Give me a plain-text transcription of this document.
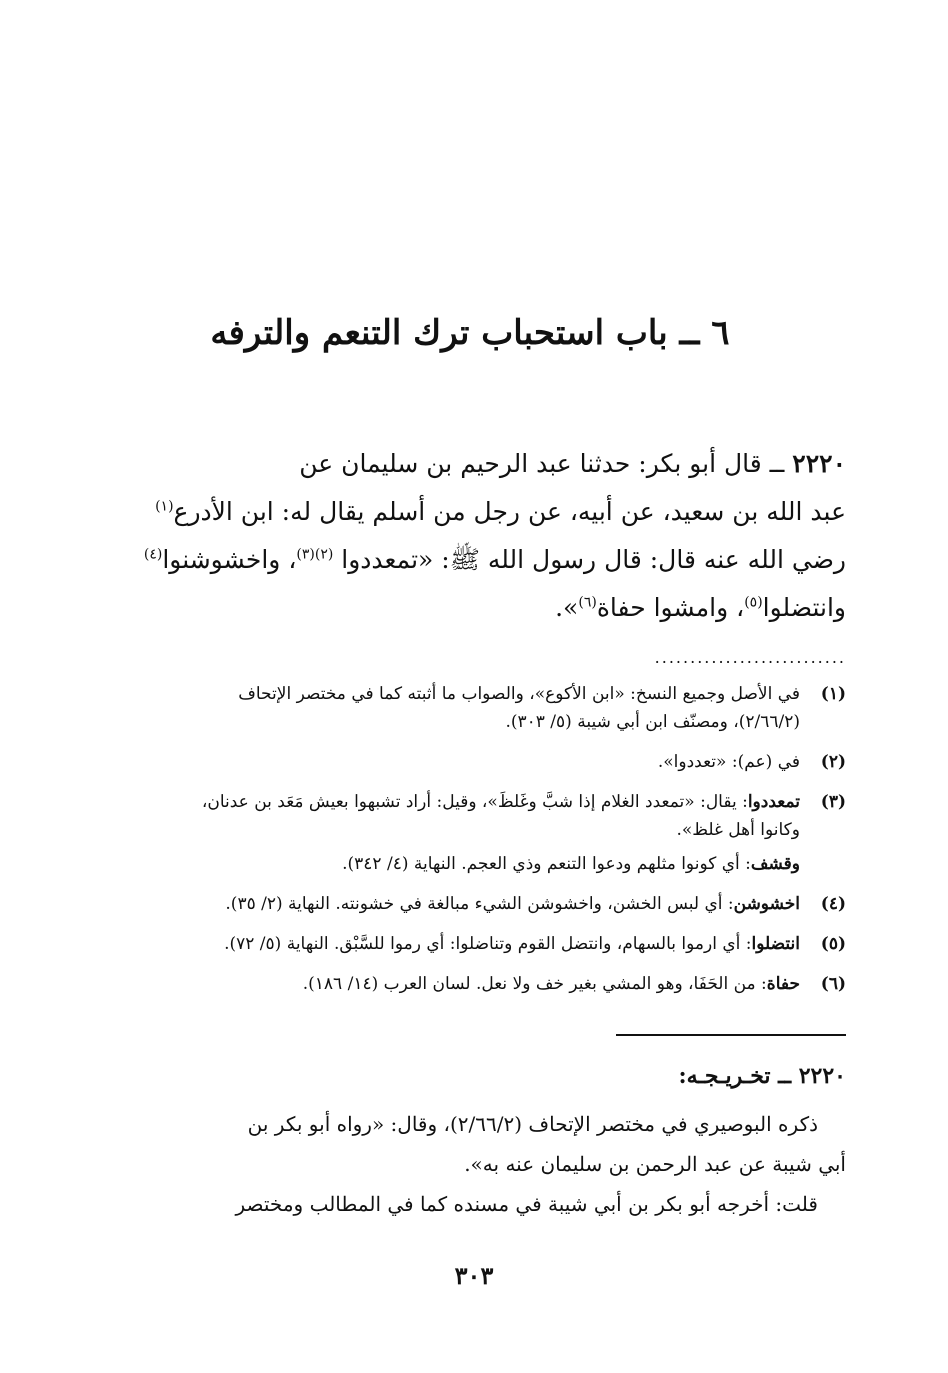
٦ ــ باب استحباب ترك التنعم والترفه
٢٢٢٠ ــ قال أبو بكر: حدثنا عبد الرحيم بن سليمان عن
عبد الله بن سعيد، عن أبيه، عن رجل من أسلم يقال له: ابن الأدرع$^{(١)}$
رضي الله عنه قال: قال رسول الله ﷺ: «تمعددوا $^{(٢)(٣)}$، واخشوشنوا$^{(٤)}$
وانتضلوا$^{(٥)}$، وامشوا حفاة$^{(٦)}$».
...........................
(١)
في الأصل وجميع النسخ: «ابن الأكوع»، والصواب ما أثبته كما في مختصر الإتحاف
(٢/٦٦/٢)، ومصنّف ابن أبي شيبة (٥/ ٣٠٣).
(٢)
في (عم): «تعددوا».
(٣)
تمعددوا: يقال: «تمعدد الغلام إذا شبَّ وغَلظَ»، وقيل: أراد تشبهوا بعيش مَعَد بن عدنان،
وكانوا أهل غلظ».
وقشف: أي كونوا مثلهم ودعوا التنعم وذي العجم. النهاية (٤/ ٣٤٢).
(٤)
اخشوشن: أي لبس الخشن، واخشوشن الشيء مبالغة في خشونته. النهاية (٢/ ٣٥).
(٥)
انتضلوا: أي ارموا بالسهام، وانتضل القوم وتناضلوا: أي رموا للسَّبْق. النهاية (٥/ ٧٢).
(٦)
حفاة: من الحَفَا، وهو المشي بغير خف ولا نعل. لسان العرب (١٤/ ١٨٦).
٢٢٢٠ ــ تخـريـجـه:
ذكره البوصيري في مختصر الإتحاف (٢/٦٦/٢)، وقال: «رواه أبو بكر بن
أبي شيبة عن عبد الرحمن بن سليمان عنه به».
قلت: أخرجه أبو بكر بن أبي شيبة في مسنده كما في المطالب ومختصر
٣٠٣
